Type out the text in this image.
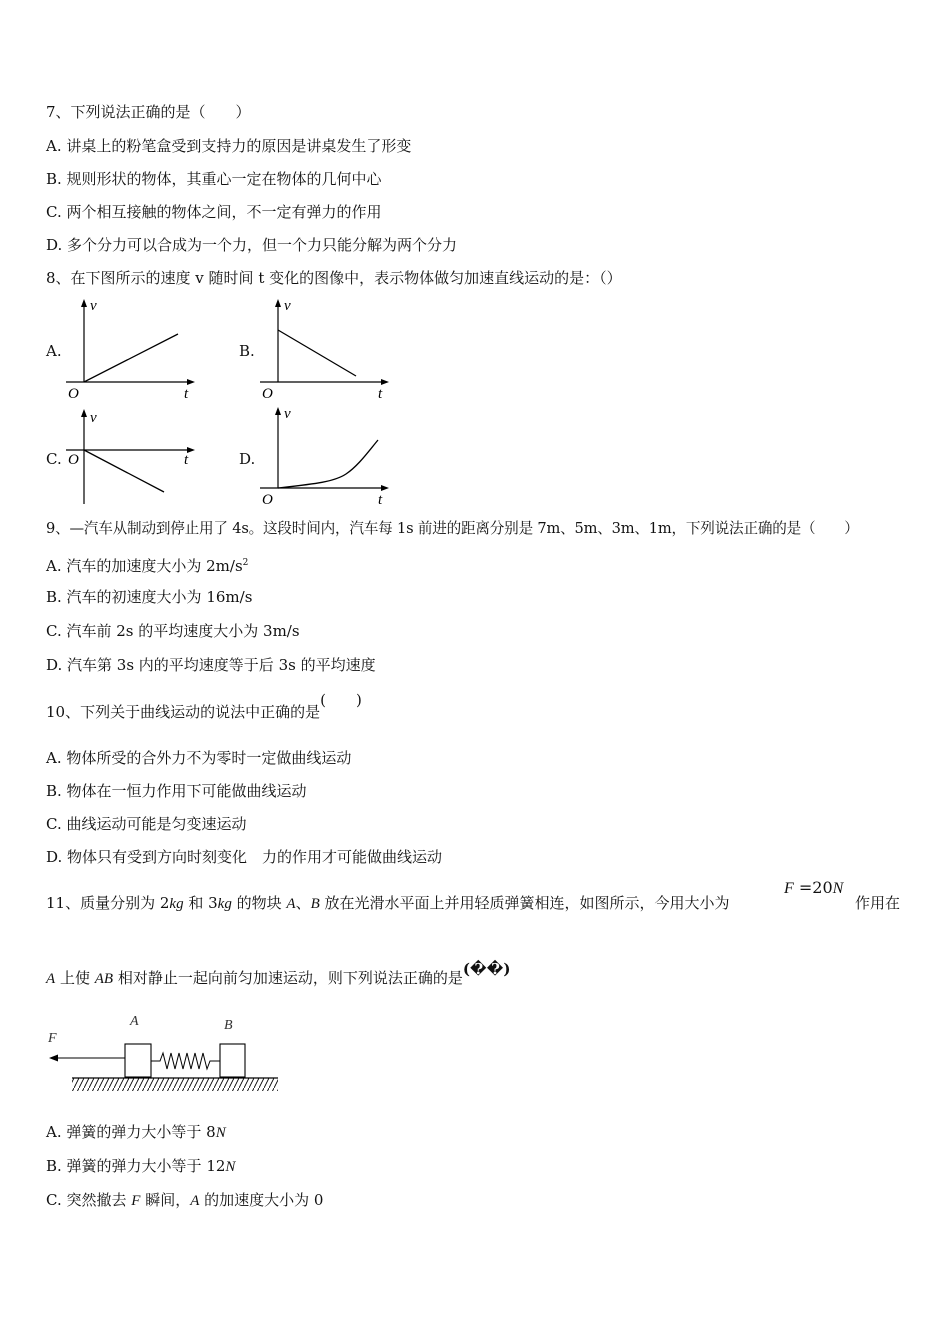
7、下列说法正确的是（　　）
A. 讲桌上的粉笔盒受到支持力的原因是讲桌发生了形变
B. 规则形状的物体，其重心一定在物体的几何中心
C. 两个相互接触的物体之间，不一定有弹力的作用
D. 多个分力可以合成为一个力，但一个力只能分解为两个分力
8、在下图所示的速度 v 随时间 t 变化的图像中，表示物体做匀加速直线运动的是：（）
A.
v
O	t
B.
v
O	t
C.
v
O	t	D.
v
O	t
9、—汽车从制动到停止用了 4s。这段时间内，汽车每 1s 前进的距离分别是 7m、5m、3m、1m，下列说法正确的是（　　）
A. 汽车的加速度大小为 $2m/s^2$
B. 汽车的初速度大小为 16m/s
C. 汽车前 2s 的平均速度大小为 3m/s
D. 汽车第 3s 内的平均速度等于后 3s 的平均速度
10、下列关于曲线运动的说法中正确的是(　　)
A. 物体所受的合外力不为零时一定做曲线运动
B. 物体在一恒力作用下可能做曲线运动
C. 曲线运动可能是匀变速运动
D. 物体只有受到方向时刻变化　力的作用才可能做曲线运动
11、质量分别为 2kg 和 3kg 的物块 A、B 放在光滑水平面上并用轻质弹簧相连，如图所示，今用大小为
F =20N
作用在
A 上使 AB 相对静止一起向前匀加速运动，则下列说法正确的是(��)
F
A	B
A. 弹簧的弹力大小等于 8N
B. 弹簧的弹力大小等于 12N
C. 突然撤去 F 瞬间，A 的加速度大小为 0
